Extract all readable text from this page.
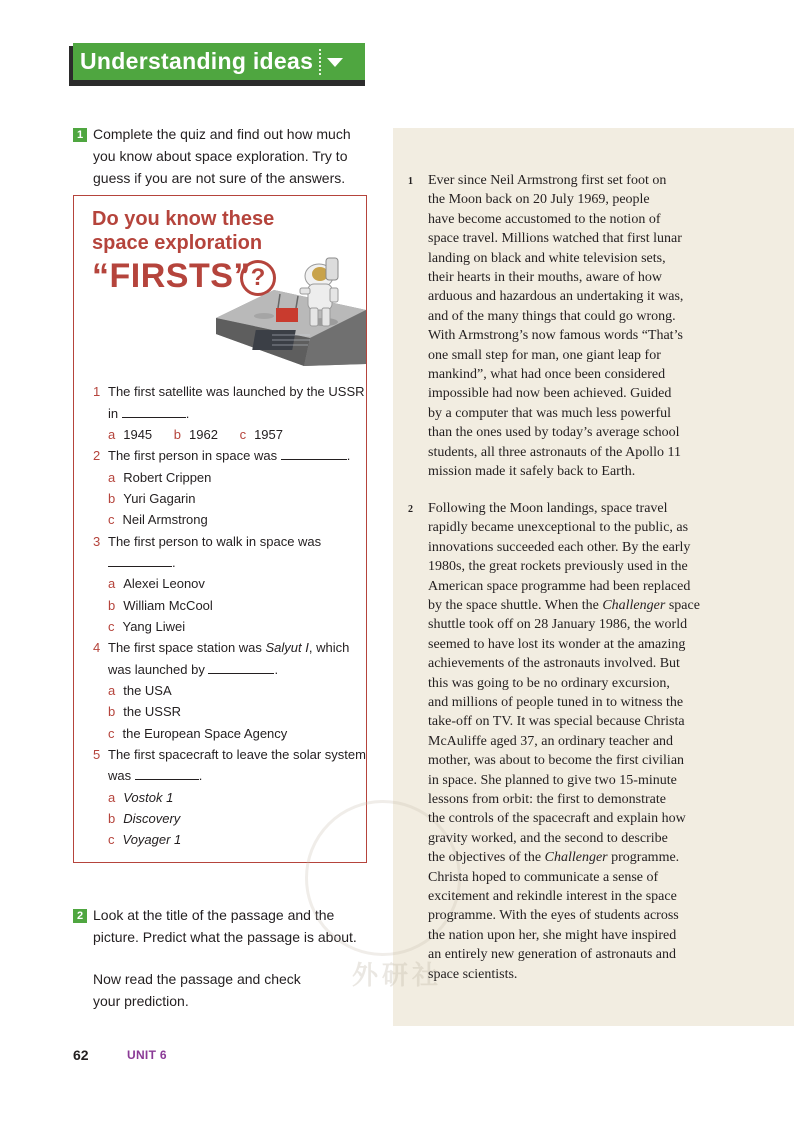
Understanding ideas
1 Complete the quiz and find out how much
you know about space exploration. Try to
guess if you are not sure of the answers.
Do you know these
space exploration
“FIRSTS” ?
1 The first satellite was launched by the USSR
in	.
a 1945 b 1962 c 1957
2 The first person in space was	.
a Robert Crippen
b Yuri Gagarin
c Neil Armstrong
3 The first person to walk in space was
.
a Alexei Leonov
b William McCool
c Yang Liwei
4 The first space station was Salyut I, which
was launched by	.
a the USA
b the USSR
c the European Space Agency
5 The first spacecraft to leave the solar system
was	.
a Vostok 1
b Discovery
c Voyager 1
2 Look at the title of the passage and the
picture. Predict what the passage is about.
Now read the passage and check
your prediction.
外研社
1 Ever since Neil Armstrong first set foot on
the Moon back on 20 July 1969, people
have become accustomed to the notion of
space travel. Millions watched that first lunar
landing on black and white television sets,
their hearts in their mouths, aware of how
arduous and hazardous an undertaking it was,
and of the many things that could go wrong.
With Armstrong’s now famous words “That’s
one small step for man, one giant leap for
mankind”, what had once been considered
impossible had now been achieved. Guided
by a computer that was much less powerful
than the ones used by today’s average school
students, all three astronauts of the Apollo 11
mission made it safely back to Earth.
2 Following the Moon landings, space travel
rapidly became unexceptional to the public, as
innovations succeeded each other. By the early
1980s, the great rockets previously used in the
American space programme had been replaced
by the space shuttle. When the Challenger space
shuttle took off on 28 January 1986, the world
seemed to have lost its wonder at the amazing
achievements of the astronauts involved. But
this was going to be no ordinary excursion,
and millions of people tuned in to witness the
take-off on TV. It was special because Christa
McAuliffe aged 37, an ordinary teacher and
mother, was about to become the first civilian
in space. She planned to give two 15-minute
lessons from orbit: the first to demonstrate
the controls of the spacecraft and explain how
gravity worked, and the second to describe
the objectives of the Challenger programme.
Christa hoped to communicate a sense of
excitement and rekindle interest in the space
programme. With the eyes of students across
the nation upon her, she might have inspired
an entirely new generation of astronauts and
space scientists.
62	UNIT 6
